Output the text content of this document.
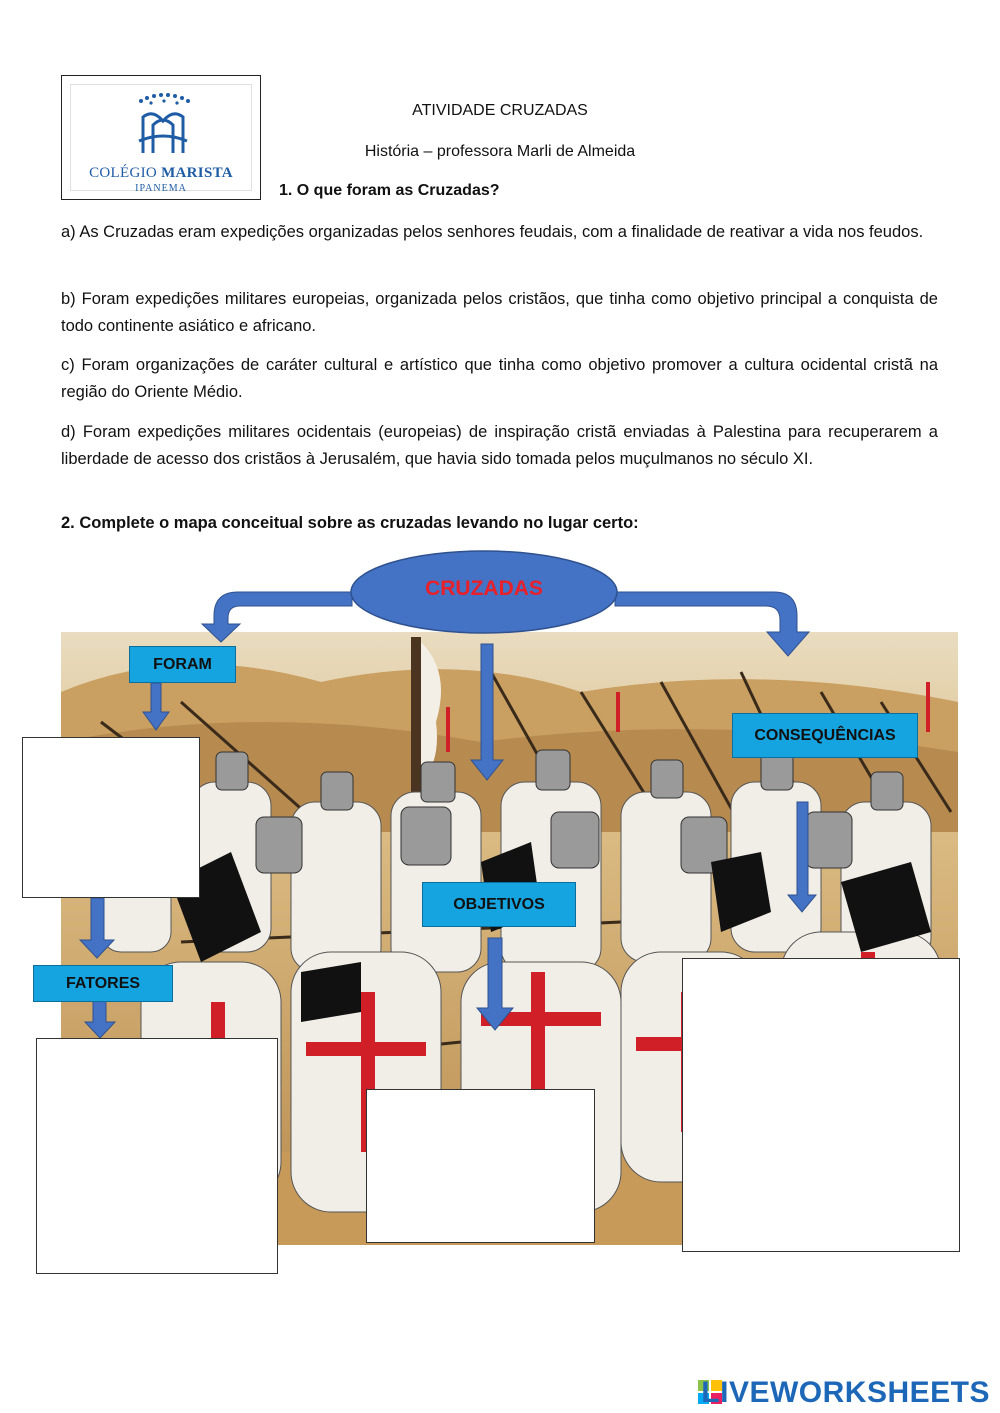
COLÉGIO MARISTA
IPANEMA
ATIVIDADE CRUZADAS
História – professora Marli de Almeida
1. O que foram as Cruzadas?
a) As Cruzadas eram expedições organizadas pelos senhores feudais, com a finalidade de reativar a vida nos feudos.
b) Foram expedições militares europeias, organizada pelos cristãos, que tinha como objetivo principal a conquista de todo continente asiático e africano.
c) Foram organizações de caráter cultural e artístico que tinha como objetivo promover a cultura ocidental cristã na região do Oriente Médio.
d) Foram expedições militares ocidentais (europeias) de inspiração cristã enviadas à Palestina para recuperarem a liberdade de acesso dos cristãos à Jerusalém, que havia sido tomada pelos muçulmanos no século XI.
2. Complete o mapa conceitual sobre as cruzadas levando no lugar certo:
CRUZADAS
FORAM
CONSEQUÊNCIAS
OBJETIVOS
FATORES
LIVEWORKSHEETS
